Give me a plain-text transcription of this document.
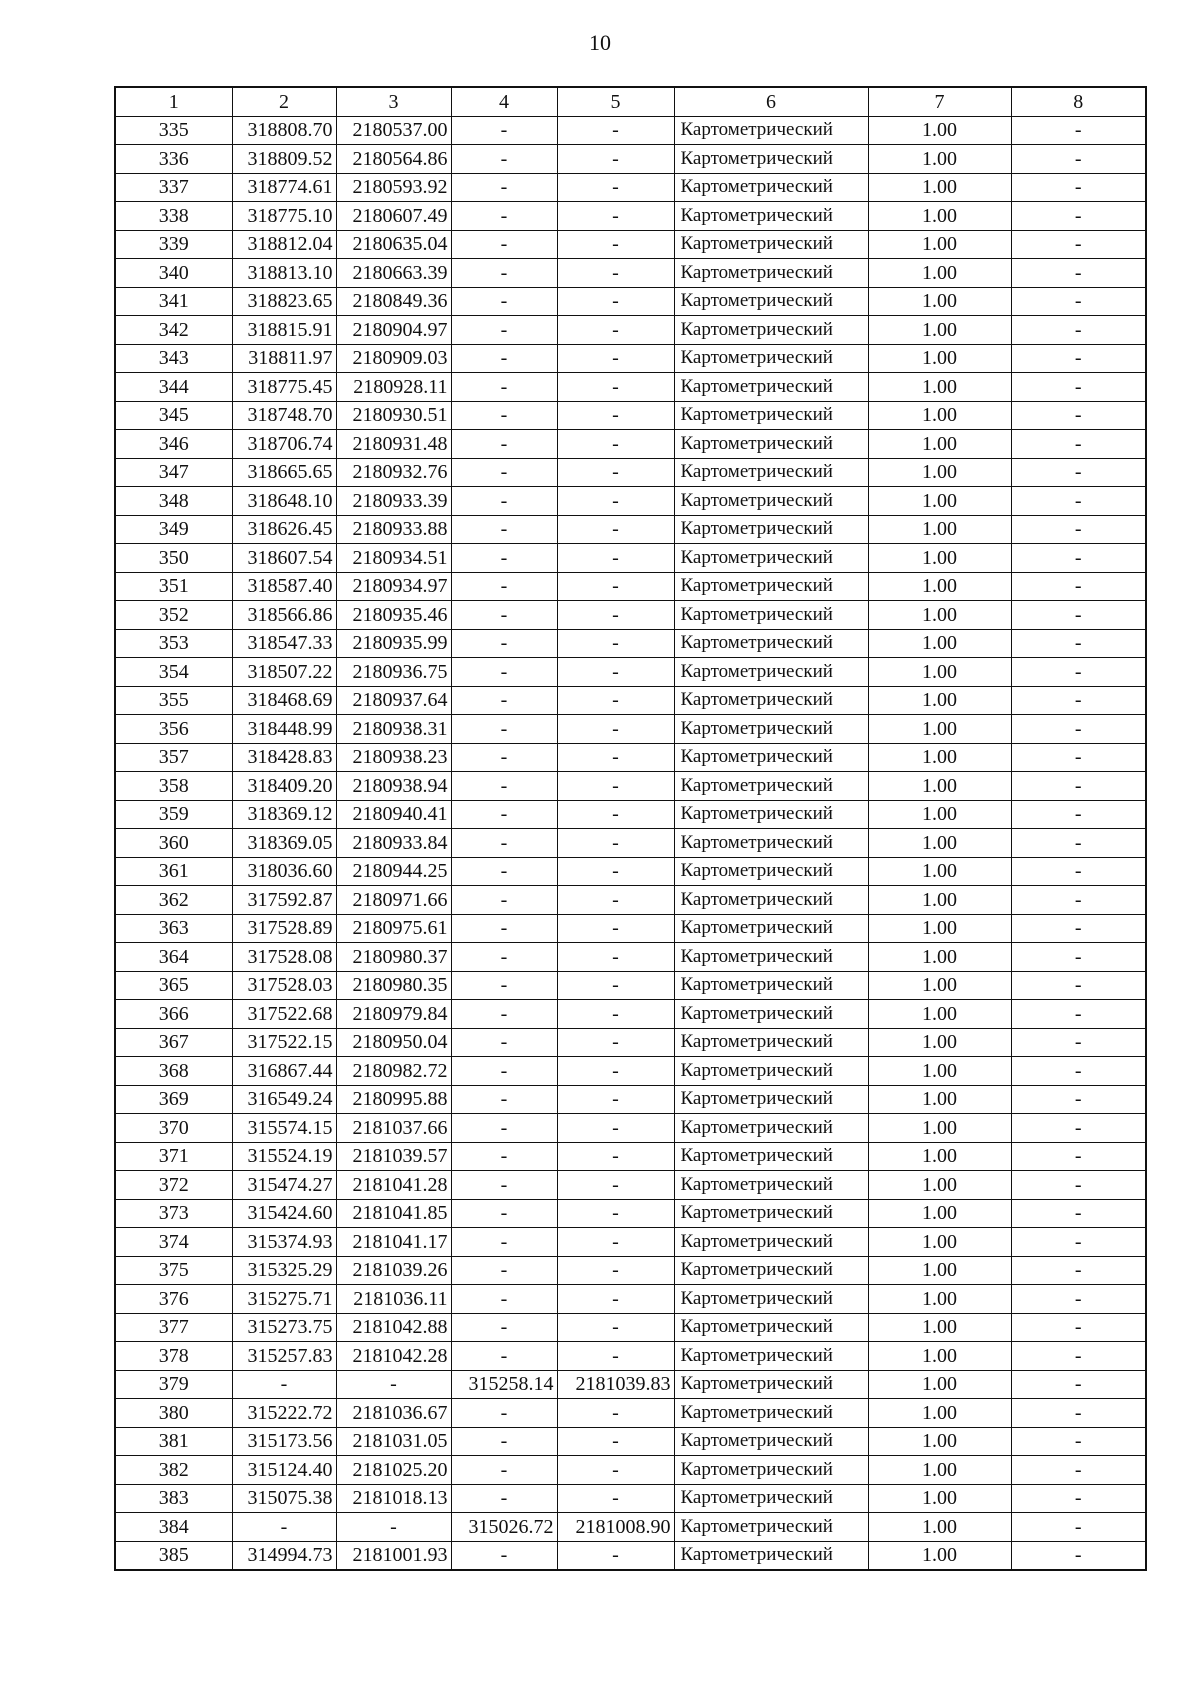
10
1	2	3	4	5	6	7	8
335	318808.70	2180537.00	-	-	Картометрический	1.00	-
336	318809.52	2180564.86	-	-	Картометрический	1.00	-
337	318774.61	2180593.92	-	-	Картометрический	1.00	-
338	318775.10	2180607.49	-	-	Картометрический	1.00	-
339	318812.04	2180635.04	-	-	Картометрический	1.00	-
340	318813.10	2180663.39	-	-	Картометрический	1.00	-
341	318823.65	2180849.36	-	-	Картометрический	1.00	-
342	318815.91	2180904.97	-	-	Картометрический	1.00	-
343	318811.97	2180909.03	-	-	Картометрический	1.00	-
344	318775.45	2180928.11	-	-	Картометрический	1.00	-
345	318748.70	2180930.51	-	-	Картометрический	1.00	-
346	318706.74	2180931.48	-	-	Картометрический	1.00	-
347	318665.65	2180932.76	-	-	Картометрический	1.00	-
348	318648.10	2180933.39	-	-	Картометрический	1.00	-
349	318626.45	2180933.88	-	-	Картометрический	1.00	-
350	318607.54	2180934.51	-	-	Картометрический	1.00	-
351	318587.40	2180934.97	-	-	Картометрический	1.00	-
352	318566.86	2180935.46	-	-	Картометрический	1.00	-
353	318547.33	2180935.99	-	-	Картометрический	1.00	-
354	318507.22	2180936.75	-	-	Картометрический	1.00	-
355	318468.69	2180937.64	-	-	Картометрический	1.00	-
356	318448.99	2180938.31	-	-	Картометрический	1.00	-
357	318428.83	2180938.23	-	-	Картометрический	1.00	-
358	318409.20	2180938.94	-	-	Картометрический	1.00	-
359	318369.12	2180940.41	-	-	Картометрический	1.00	-
360	318369.05	2180933.84	-	-	Картометрический	1.00	-
361	318036.60	2180944.25	-	-	Картометрический	1.00	-
362	317592.87	2180971.66	-	-	Картометрический	1.00	-
363	317528.89	2180975.61	-	-	Картометрический	1.00	-
364	317528.08	2180980.37	-	-	Картометрический	1.00	-
365	317528.03	2180980.35	-	-	Картометрический	1.00	-
366	317522.68	2180979.84	-	-	Картометрический	1.00	-
367	317522.15	2180950.04	-	-	Картометрический	1.00	-
368	316867.44	2180982.72	-	-	Картометрический	1.00	-
369	316549.24	2180995.88	-	-	Картометрический	1.00	-
370	315574.15	2181037.66	-	-	Картометрический	1.00	-
371	315524.19	2181039.57	-	-	Картометрический	1.00	-
372	315474.27	2181041.28	-	-	Картометрический	1.00	-
373	315424.60	2181041.85	-	-	Картометрический	1.00	-
374	315374.93	2181041.17	-	-	Картометрический	1.00	-
375	315325.29	2181039.26	-	-	Картометрический	1.00	-
376	315275.71	2181036.11	-	-	Картометрический	1.00	-
377	315273.75	2181042.88	-	-	Картометрический	1.00	-
378	315257.83	2181042.28	-	-	Картометрический	1.00	-
379	-	-	315258.14	2181039.83	Картометрический	1.00	-
380	315222.72	2181036.67	-	-	Картометрический	1.00	-
381	315173.56	2181031.05	-	-	Картометрический	1.00	-
382	315124.40	2181025.20	-	-	Картометрический	1.00	-
383	315075.38	2181018.13	-	-	Картометрический	1.00	-
384	-	-	315026.72	2181008.90	Картометрический	1.00	-
385	314994.73	2181001.93	-	-	Картометрический	1.00	-
